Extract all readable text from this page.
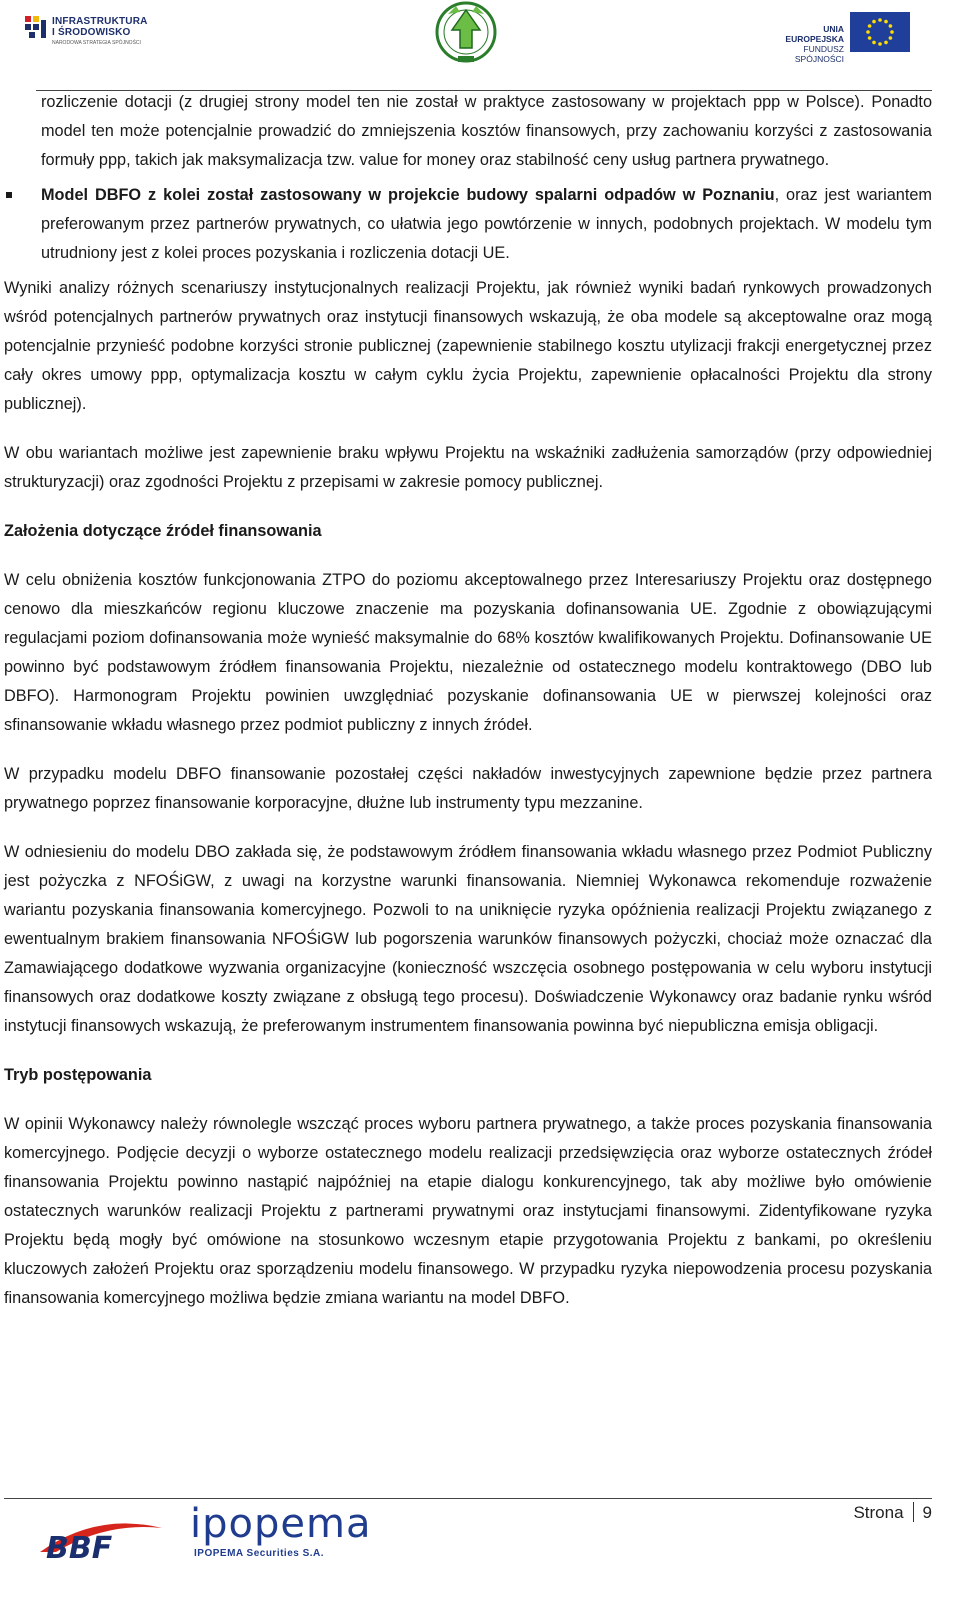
INFRASTRUKTURA
I ŚRODOWISKO
NARODOWA STRATEGIA SPÓJNOŚCI
UNIA EUROPEJSKA
FUNDUSZ SPÓJNOŚCI

rozliczenie dotacji (z drugiej strony model ten nie został w praktyce zastosowany w projektach ppp w Polsce). Ponadto model ten może potencjalnie prowadzić do zmniejszenia kosztów finansowych, przy zachowaniu korzyści z zastosowania formuły ppp, takich jak maksymalizacja tzw. value for money oraz stabilność ceny usług partnera prywatnego.

Model DBFO z kolei został zastosowany w projekcie budowy spalarni odpadów w Poznaniu, oraz jest wariantem preferowanym przez partnerów prywatnych, co ułatwia jego powtórzenie w innych, podobnych projektach. W modelu tym utrudniony jest z kolei proces pozyskania i rozliczenia dotacji UE.

Wyniki analizy różnych scenariuszy instytucjonalnych realizacji Projektu, jak również wyniki badań rynkowych prowadzonych wśród potencjalnych partnerów prywatnych oraz instytucji finansowych wskazują, że oba modele są akceptowalne oraz mogą potencjalnie przynieść podobne korzyści stronie publicznej (zapewnienie stabilnego kosztu utylizacji frakcji energetycznej przez cały okres umowy ppp, optymalizacja kosztu w całym cyklu życia Projektu, zapewnienie opłacalności Projektu dla strony publicznej).

W obu wariantach możliwe jest zapewnienie braku wpływu Projektu na wskaźniki zadłużenia samorządów (przy odpowiedniej strukturyzacji) oraz zgodności Projektu z przepisami w zakresie pomocy publicznej.

Założenia dotyczące źródeł finansowania

W celu obniżenia kosztów funkcjonowania ZTPO do poziomu akceptowalnego przez Interesariuszy Projektu oraz dostępnego cenowo dla mieszkańców regionu kluczowe znaczenie ma pozyskania dofinansowania UE. Zgodnie z obowiązującymi regulacjami poziom dofinansowania może wynieść maksymalnie do 68% kosztów kwalifikowanych Projektu. Dofinansowanie UE powinno być podstawowym źródłem finansowania Projektu, niezależnie od ostatecznego modelu kontraktowego (DBO lub DBFO). Harmonogram Projektu powinien uwzględniać pozyskanie dofinansowania UE w pierwszej kolejności oraz sfinansowanie wkładu własnego przez podmiot publiczny z innych źródeł.

W przypadku modelu DBFO finansowanie pozostałej części nakładów inwestycyjnych zapewnione będzie przez partnera prywatnego poprzez finansowanie korporacyjne, dłużne lub instrumenty typu mezzanine.

W odniesieniu do modelu DBO zakłada się, że podstawowym źródłem finansowania wkładu własnego przez Podmiot Publiczny jest pożyczka z NFOŚiGW, z uwagi na korzystne warunki finansowania. Niemniej Wykonawca rekomenduje rozważenie wariantu pozyskania finansowania komercyjnego. Pozwoli to na uniknięcie ryzyka opóźnienia realizacji Projektu związanego z ewentualnym brakiem finansowania NFOŚiGW lub pogorszenia warunków finansowych pożyczki, chociaż może oznaczać dla Zamawiającego dodatkowe wyzwania organizacyjne (konieczność wszczęcia osobnego postępowania w celu wyboru instytucji finansowych oraz dodatkowe koszty związane z obsługą tego procesu). Doświadczenie Wykonawcy oraz badanie rynku wśród instytucji finansowych wskazują, że preferowanym instrumentem finansowania powinna być niepubliczna emisja obligacji.

Tryb postępowania

W opinii Wykonawcy należy równolegle wszcząć proces wyboru partnera prywatnego, a także proces pozyskania finansowania komercyjnego. Podjęcie decyzji o wyborze ostatecznego modelu realizacji przedsięwzięcia oraz wyborze ostatecznych źródeł finansowania Projektu powinno nastąpić najpóźniej na etapie dialogu konkurencyjnego, tak aby możliwe było omówienie ostatecznych warunków realizacji Projektu z partnerami prywatnymi oraz instytucjami finansowymi. Zidentyfikowane ryzyka Projektu będą mogły być omówione na stosunkowo wczesnym etapie przygotowania Projektu z bankami, po określeniu kluczowych założeń Projektu oraz sporządzeniu modelu finansowego. W przypadku ryzyka niepowodzenia procesu pozyskania finansowania komercyjnego możliwa będzie zmiana wariantu na model DBFO.

BBF
ipopema
IPOPEMA Securities S.A.
Strona 9
